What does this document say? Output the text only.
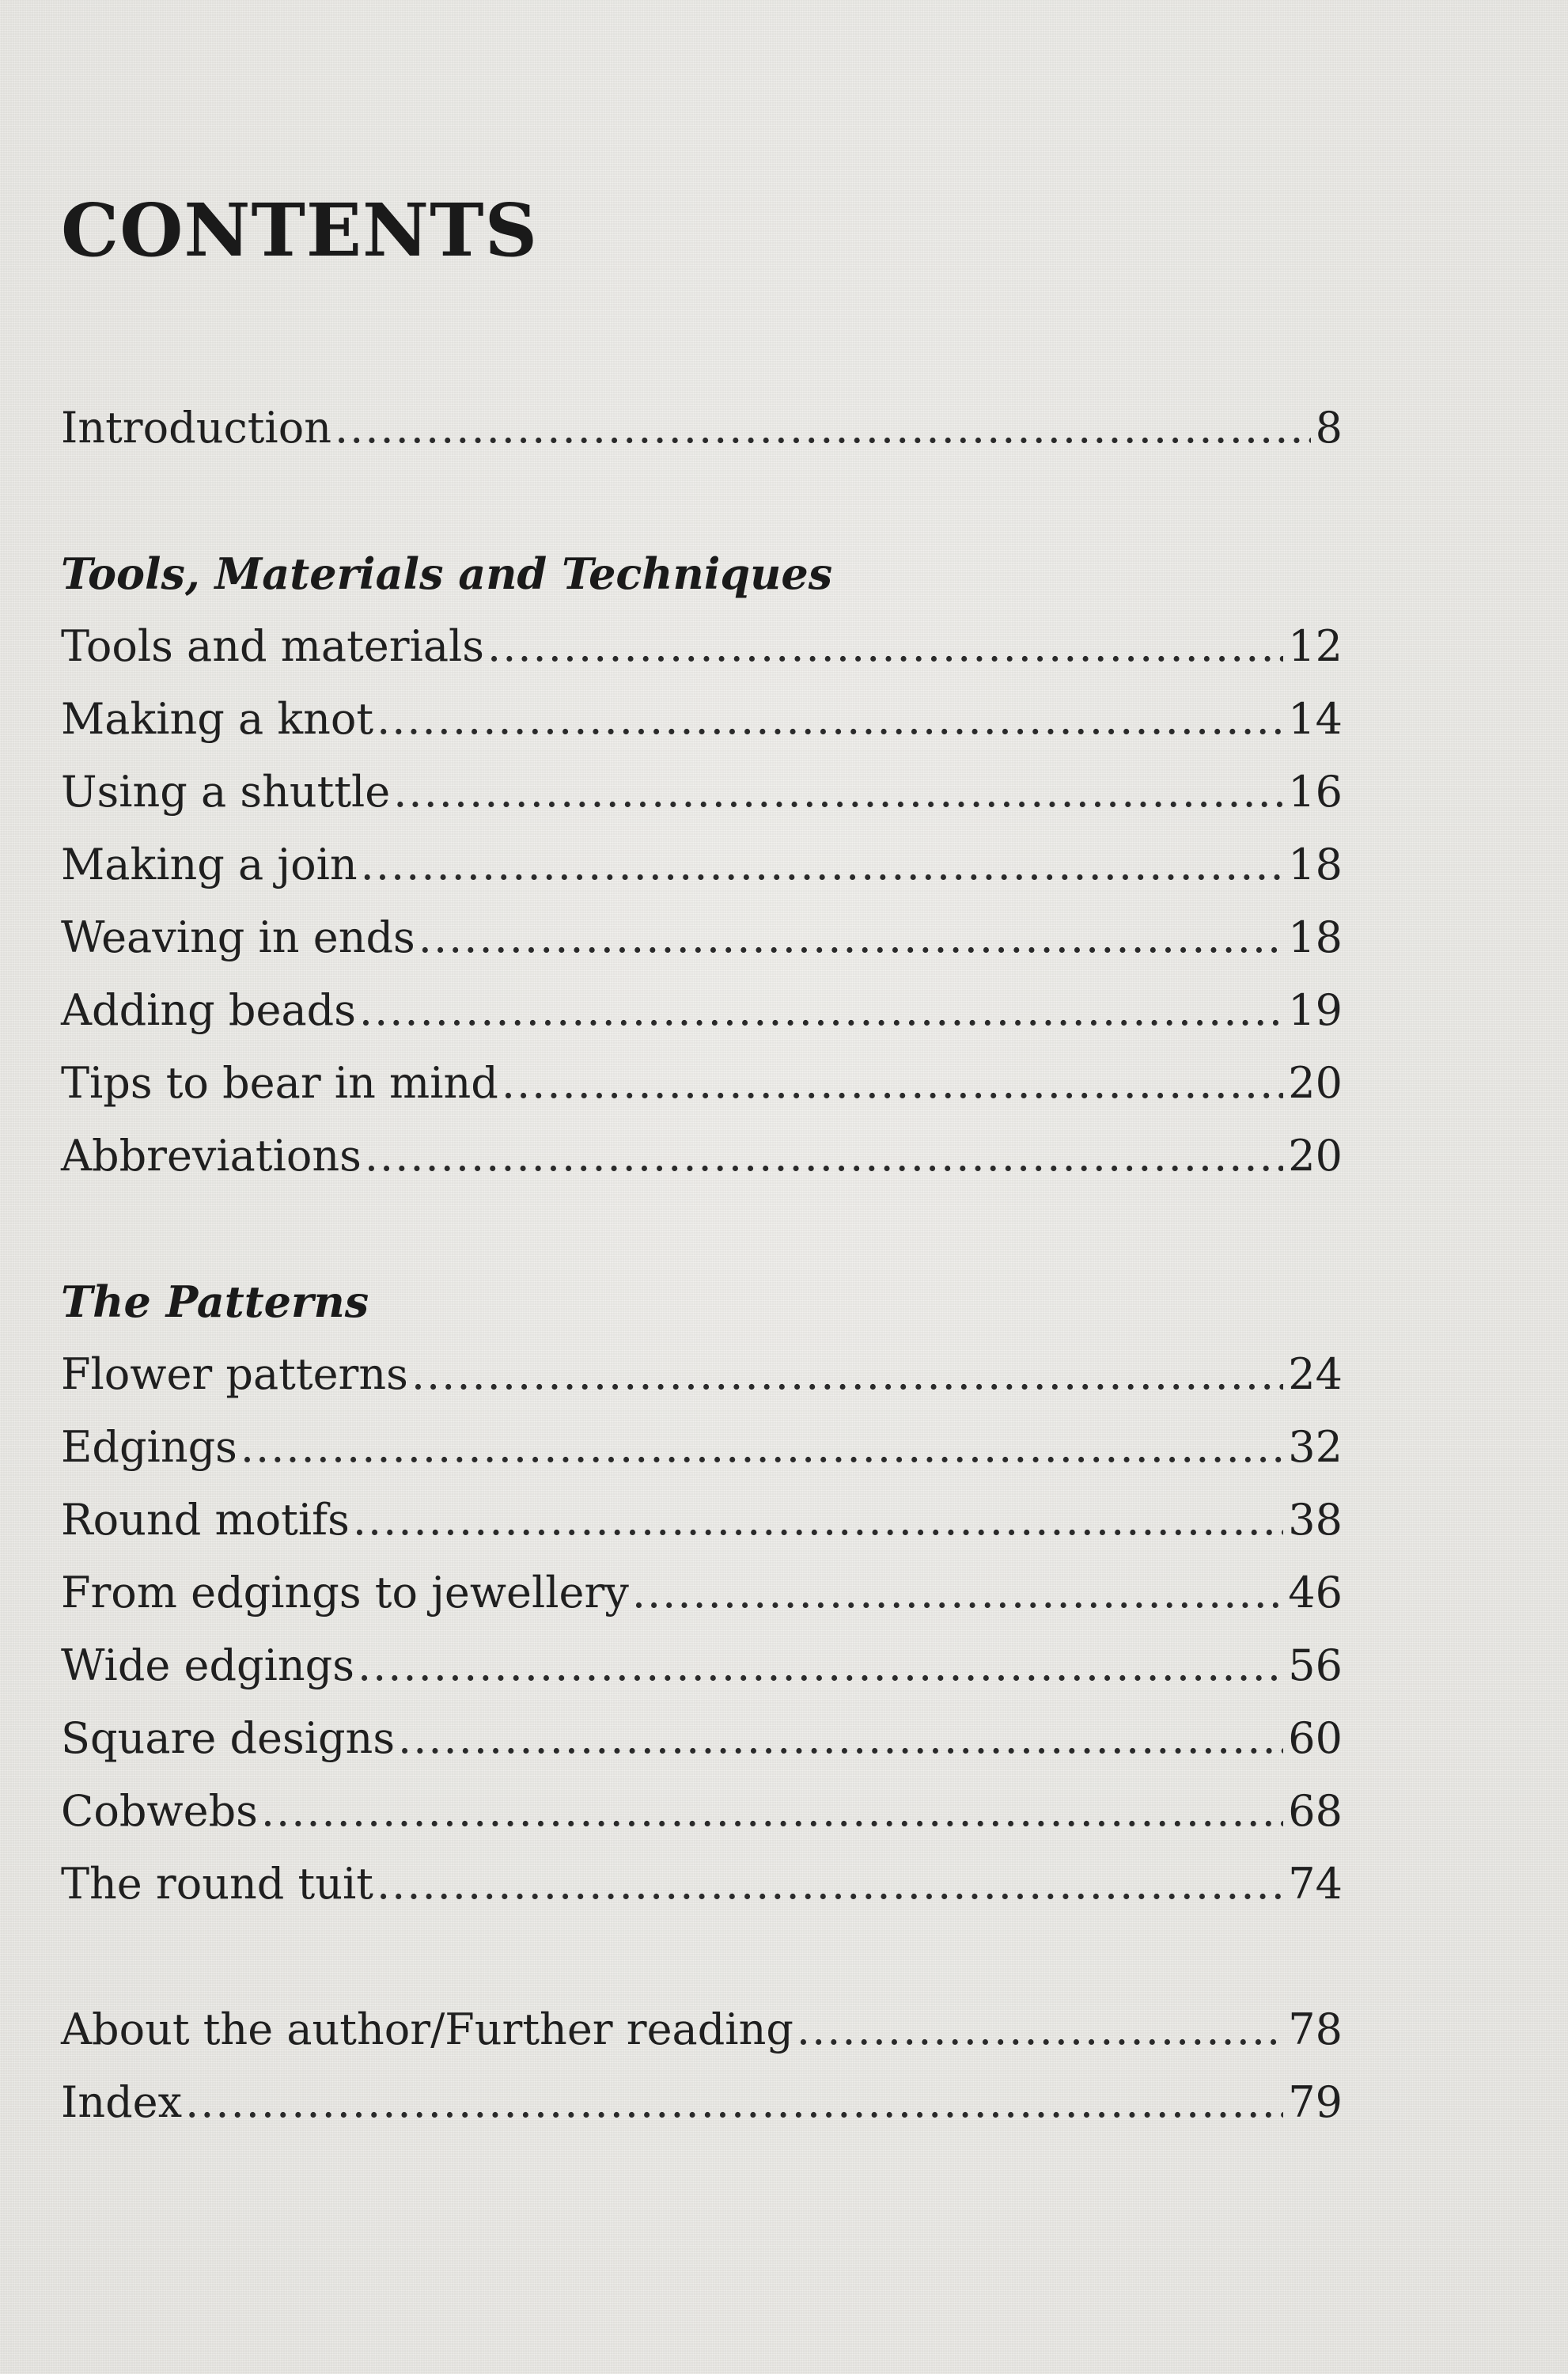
CONTENTS
Introduction .....	8
Tools, Materials and Techniques
Tools and materials .....	12
Making a knot .....	14
Using a shuttle .....	16
Making a join .....	18
Weaving in ends .....	18
Adding beads .....	19
Tips to bear in mind .....	20
Abbreviations .....	20
The Patterns
Flower patterns .....	24
Edgings .....	32
Round motifs .....	38
From edgings to jewellery .....	46
Wide edgings .....	56
Square designs .....	60
Cobwebs .....	68
The round tuit .....	74
About the author/Further reading .....	78
Index .....	79
